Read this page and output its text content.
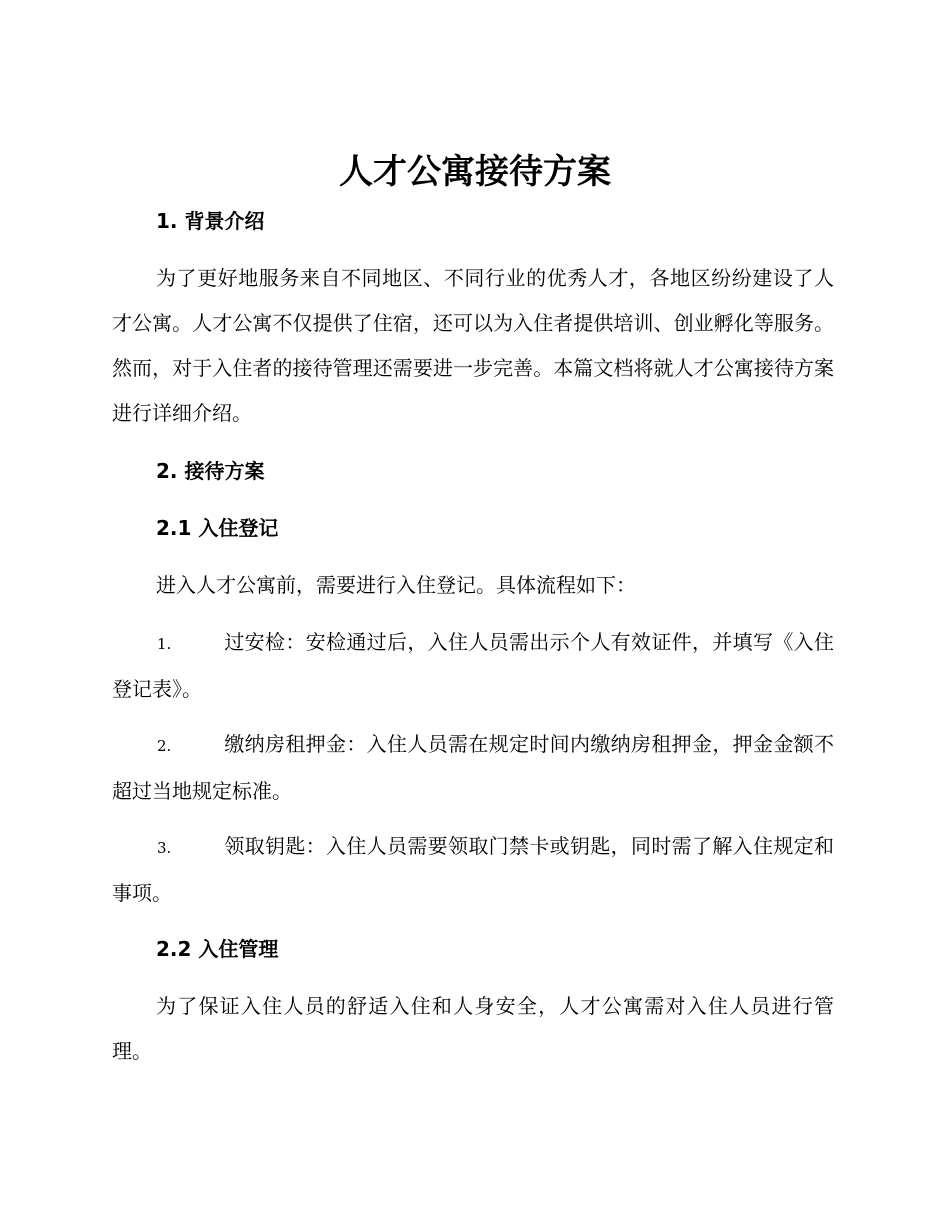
人才公寓接待方案
1. 背景介绍

为了更好地服务来自不同地区、不同行业的优秀人才，各地区纷纷建设了人才公寓。人才公寓不仅提供了住宿，还可以为入住者提供培训、创业孵化等服务。然而，对于入住者的接待管理还需要进一步完善。本篇文档将就人才公寓接待方案进行详细介绍。

2. 接待方案
2.1 入住登记

进入人才公寓前，需要进行入住登记。具体流程如下：

1.	过安检：安检通过后，入住人员需出示个人有效证件，并填写《入住登记表》。

2.	缴纳房租押金：入住人员需在规定时间内缴纳房租押金，押金金额不超过当地规定标准。

3.	领取钥匙：入住人员需要领取门禁卡或钥匙，同时需了解入住规定和事项。

2.2 入住管理

为了保证入住人员的舒适入住和人身安全，人才公寓需对入住人员进行管理。
